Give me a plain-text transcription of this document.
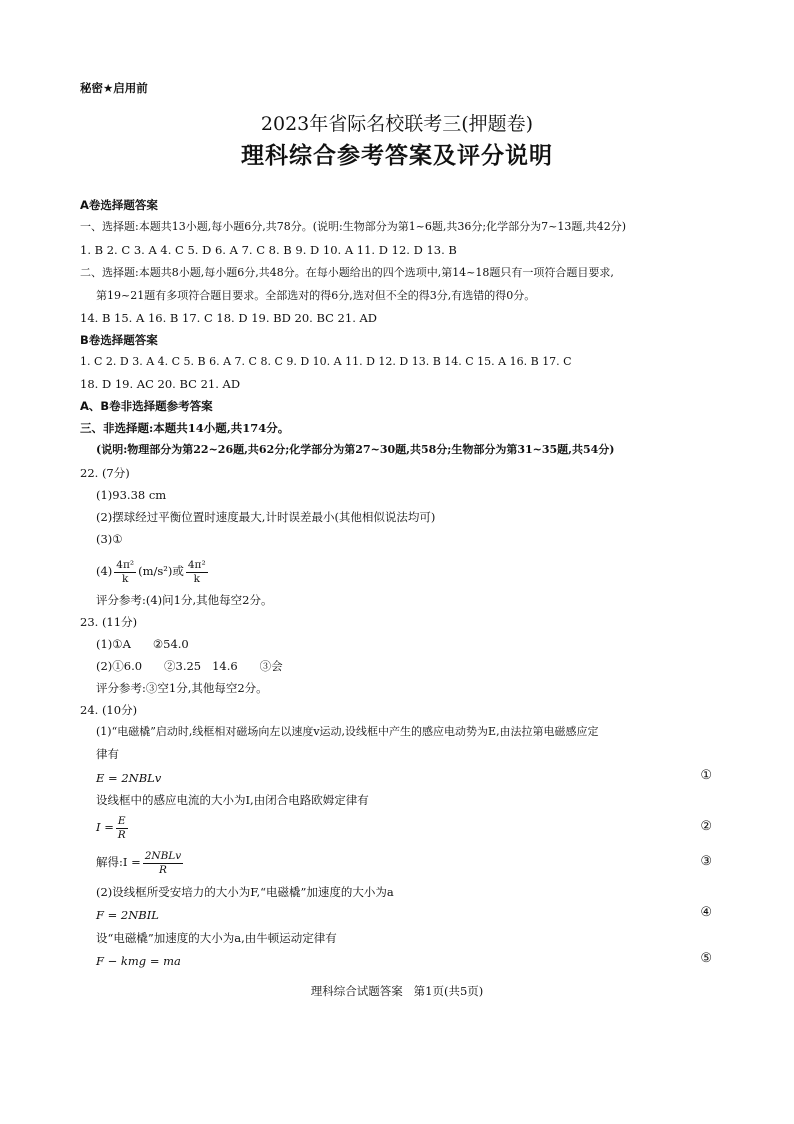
秘密★启用前
2023年省际名校联考三(押题卷)
理科综合参考答案及评分说明
A卷选择题答案
一、选择题:本题共13小题,每小题6分,共78分。(说明:生物部分为第1~6题,共36分;化学部分为7~13题,共42分)
1. B 2. C 3. A 4. C 5. D 6. A 7. C 8. B 9. D 10. A 11. D 12. D 13. B
二、选择题:本题共8小题,每小题6分,共48分。在每小题给出的四个选项中,第14~18题只有一项符合题目要求,
第19~21题有多项符合题目要求。全部选对的得6分,选对但不全的得3分,有选错的得0分。
14. B 15. A 16. B 17. C 18. D 19. BD 20. BC 21. AD
B卷选择题答案
1. C 2. D 3. A 4. C 5. B 6. A 7. C 8. C 9. D 10. A 11. D 12. D 13. B 14. C 15. A 16. B 17. C
18. D 19. AC 20. BC 21. AD
A、B卷非选择题参考答案
三、非选择题:本题共14小题,共174分。
(说明:物理部分为第22~26题,共62分;化学部分为第27~30题,共58分;生物部分为第31~35题,共54分)
22. (7分)
(1)93.38 cm
(2)摆球经过平衡位置时速度最大,计时误差最小(其他相似说法均可)
(3)①
$(4) \frac{\text{4π²}}{k} (m/s^2)$或 $\frac{\text{4π²}}{k}$
评分参考:(4)问1分,其他每空2分。
23. (11分)
(1)①A      ②54.0
(2)①6.0      ②3.25   14.6      ③会
评分参考:③空1分,其他每空2分。
24. (10分)
(1)“电磁橇”启动时,线框相对磁场向左以速度v运动,设线框中产生的感应电动势为E,由法拉第电磁感应定
律有
E = 2NBLv	①
设线框中的感应电流的大小为I,由闭合电路欧姆定律有
$I = \frac{E}{R}$	②
解得:I = $\frac{\text{2NBLv}}{R}$	③
(2)设线框所受安培力的大小为F,“电磁橇”加速度的大小为a
F = 2NBIL	④
设“电磁橇”加速度的大小为a,由牛顿运动定律有
F − kmg = ma	⑤
理科综合试题答案   第1页(共5页)
